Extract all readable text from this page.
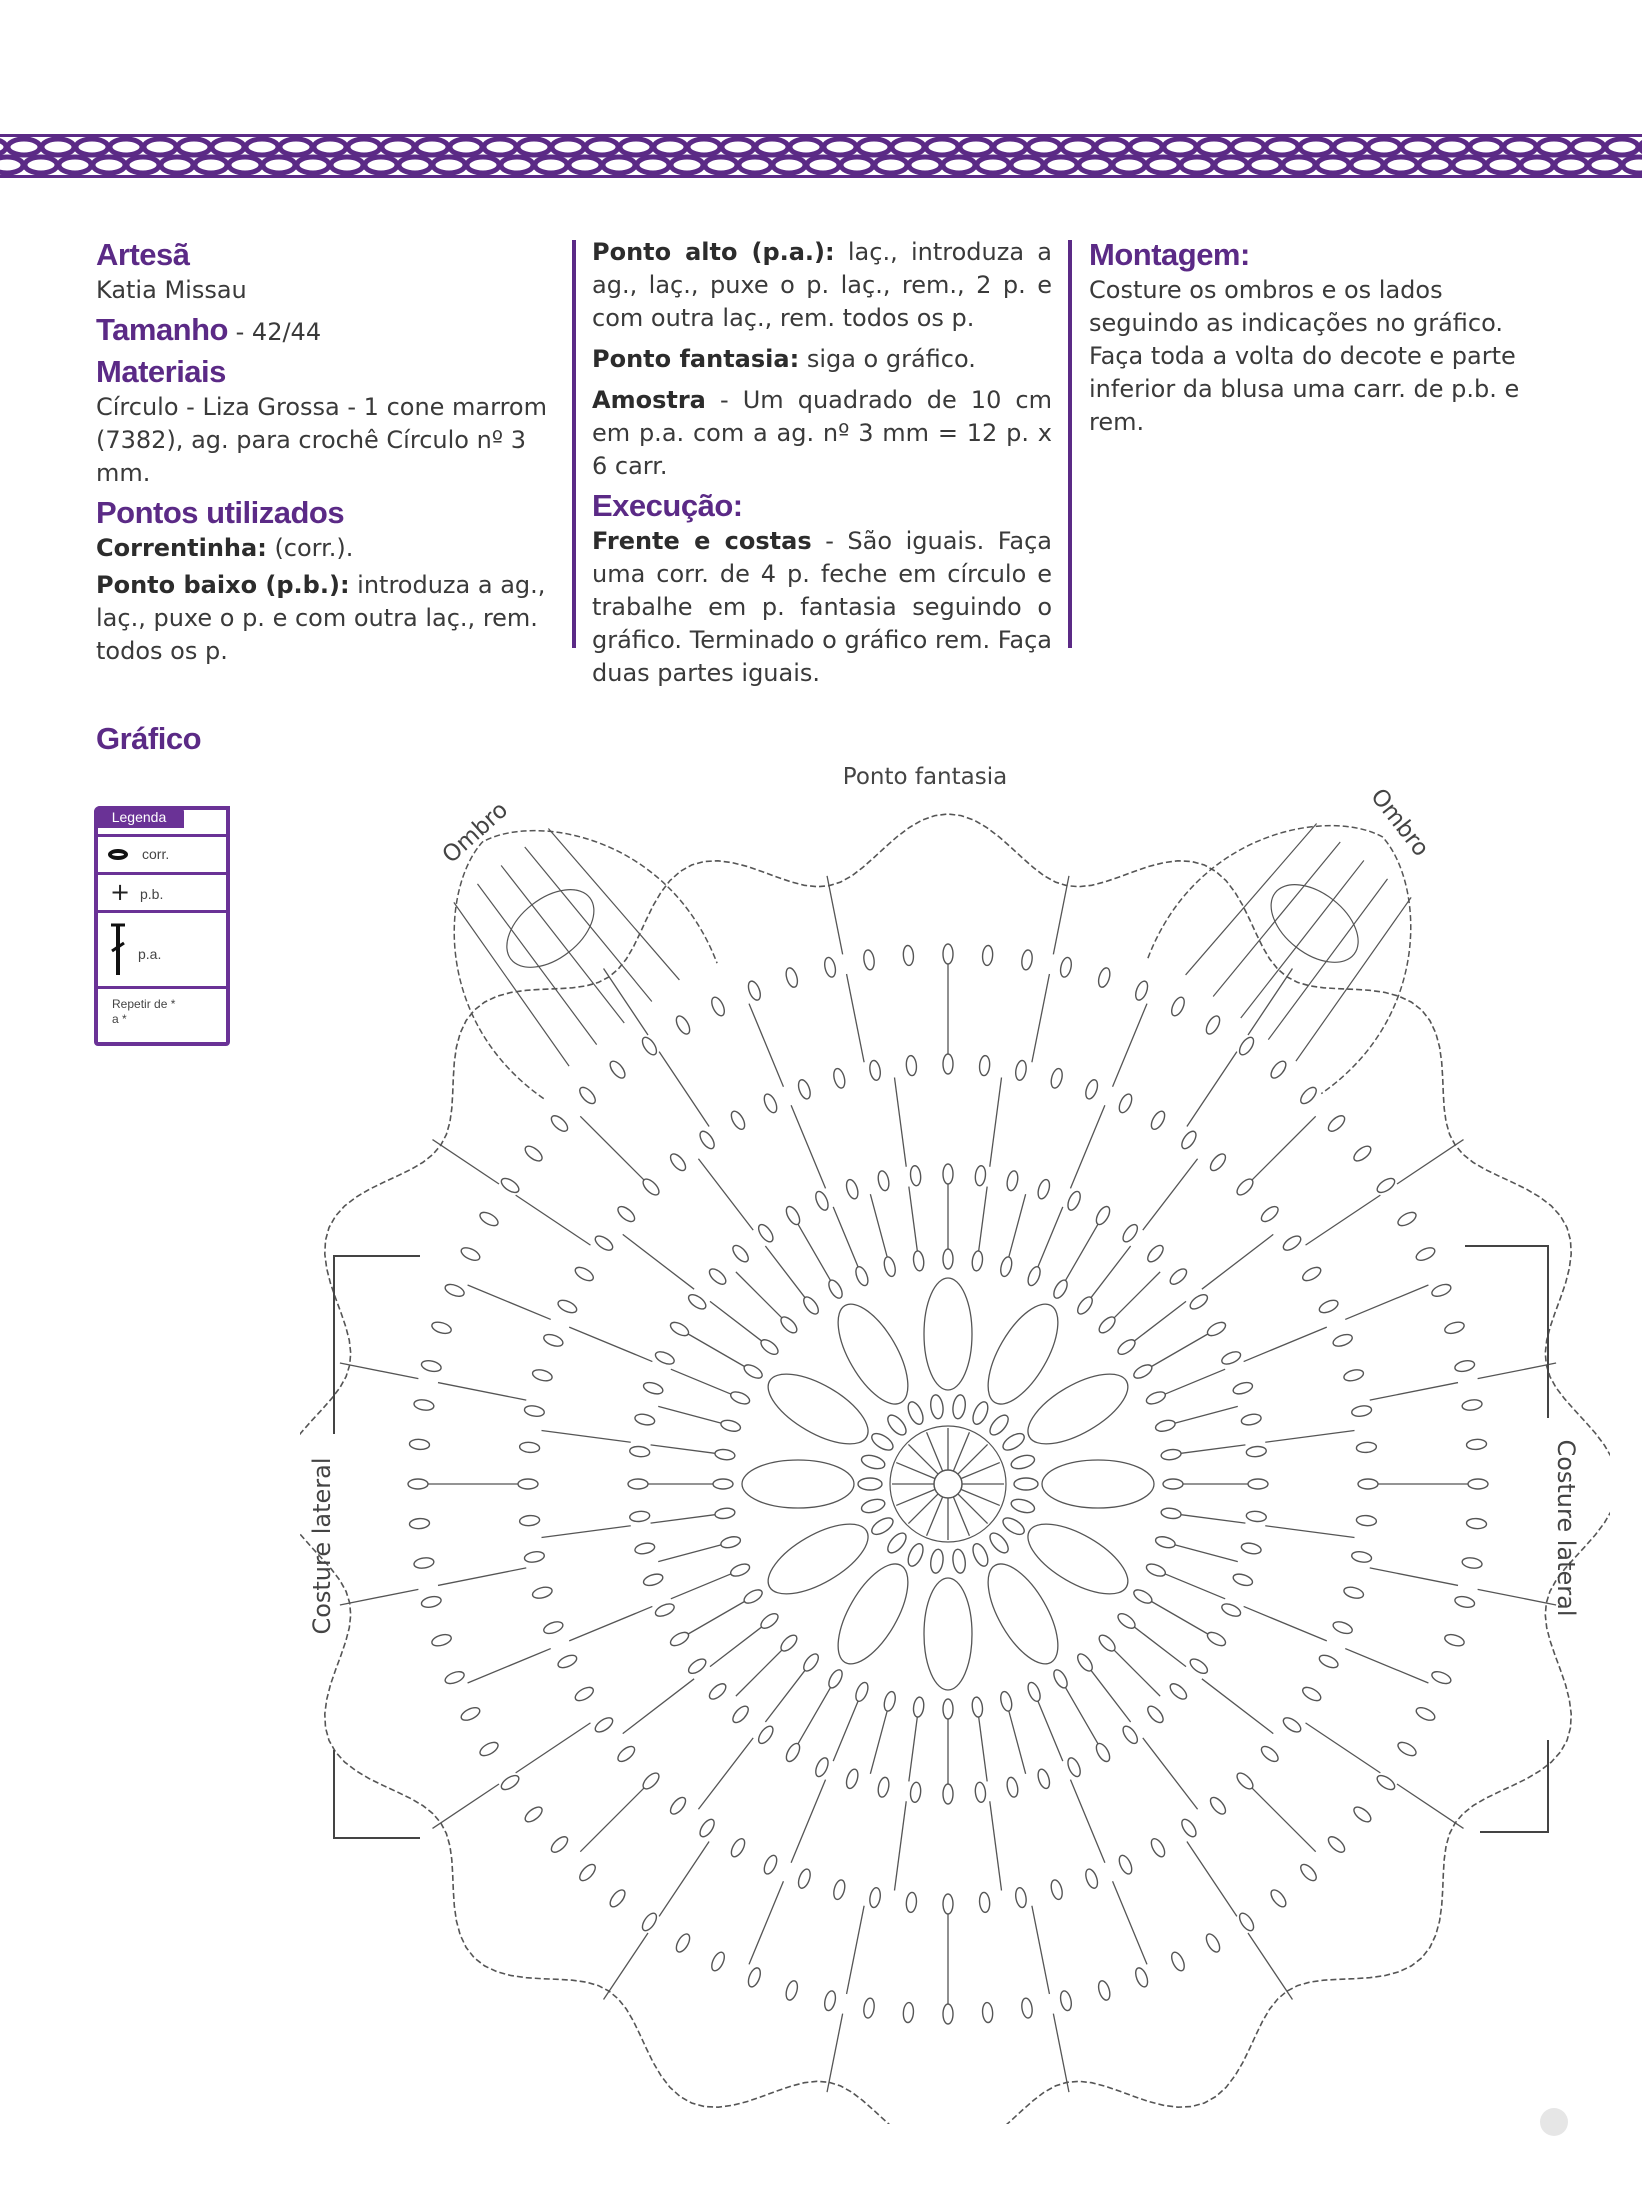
Artesã

Katia Missau

Tamanho - 42/44
Materiais

Círculo - Liza Grossa - 1 cone marrom (7382), ag. para crochê Círculo nº 3 mm.

Pontos utilizados

Correntinha: (corr.).

Ponto baixo (p.b.): introduza a ag., laç., puxe o p. e com outra laç., rem. todos os p.

Ponto alto (p.a.): laç., introduza a ag., laç., puxe o p. laç., rem., 2 p. e com outra laç., rem. todos os p.

Ponto fantasia: siga o gráfico.

Amostra - Um quadrado de 10 cm em p.a. com a ag. nº 3 mm = 12 p. x 6 carr.

Execução:

Frente e costas - São iguais. Faça uma corr. de 4 p. feche em círculo e trabalhe em p. fantasia seguindo o gráfico. Terminado o gráfico rem. Faça duas partes iguais.

Montagem:

Costure os ombros e os lados seguindo as indicações no gráfico. Faça toda a volta do decote e parte inferior da blusa uma carr. de p.b. e rem.

Gráfico
Legenda
corr.
+ p.b.
p.a.
Repetir de * a *
Ponto fantasia
Ombro	Ombro
Costure lateral	Costure lateral
